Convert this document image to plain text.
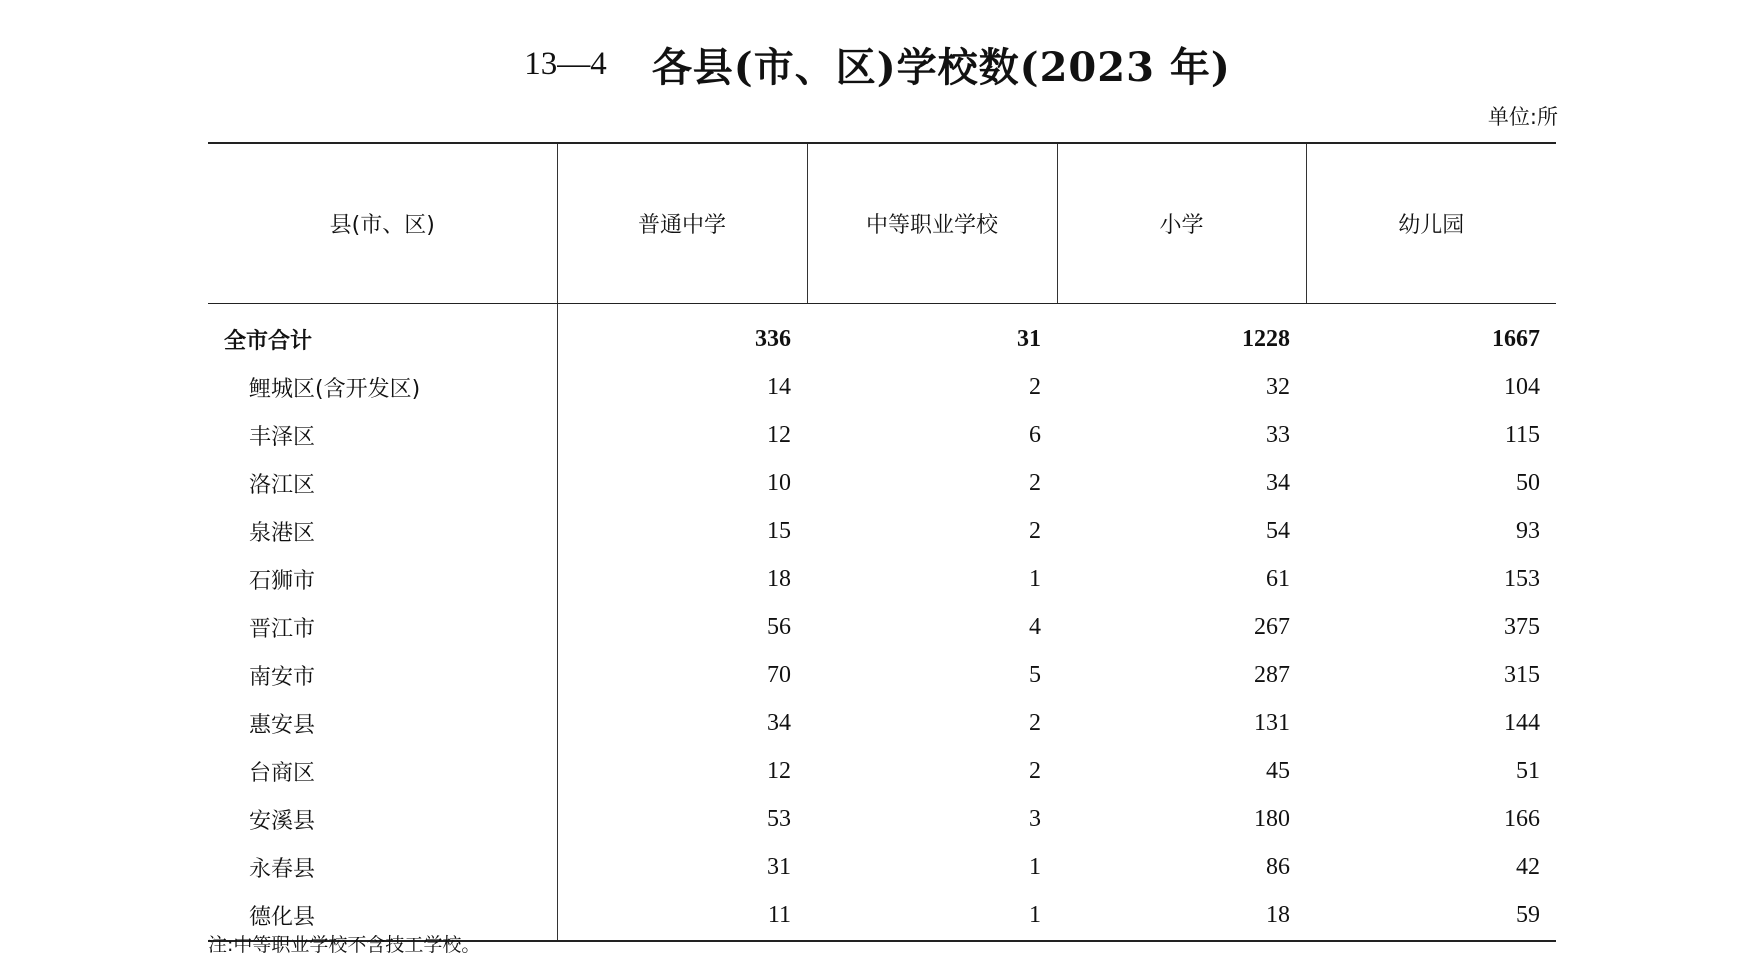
13—4 各县(市、区)学校数(2023 年)
单位:所
县(市、区)	普通中学	中等职业学校	小学	幼儿园
全市合计	336	31	1228	1667
鲤城区(含开发区)	14	2	32	104
丰泽区	12	6	33	115
洛江区	10	2	34	50
泉港区	15	2	54	93
石狮市	18	1	61	153
晋江市	56	4	267	375
南安市	70	5	287	315
惠安县	34	2	131	144
台商区	12	2	45	51
安溪县	53	3	180	166
永春县	31	1	86	42
德化县	11	1	18	59
注:中等职业学校不含技工学校。
